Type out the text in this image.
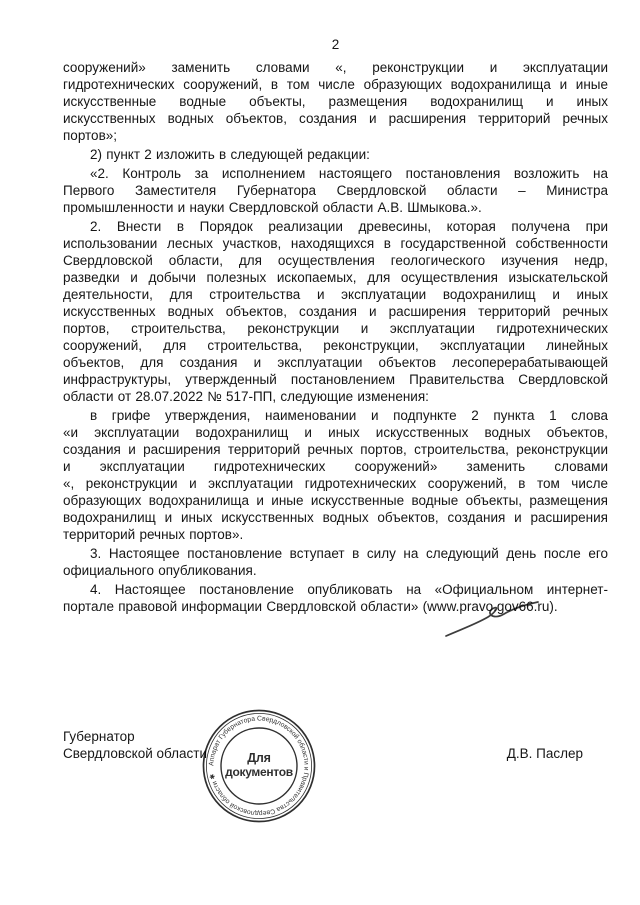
2
сооружений» заменить словами «, реконструкции и эксплуатации
гидротехнических сооружений, в том числе образующих водохранилища и иные
искусственные водные объекты, размещения водохранилищ и иных
искусственных водных объектов, создания и расширения территорий речных
портов»;
2) пункт 2 изложить в следующей редакции:
«2. Контроль за исполнением настоящего постановления возложить на
Первого Заместителя Губернатора Свердловской области – Министра
промышленности и науки Свердловской области А.В. Шмыкова.».
2. Внести в Порядок реализации древесины, которая получена при
использовании лесных участков, находящихся в государственной собственности
Свердловской области, для осуществления геологического изучения недр,
разведки и добычи полезных ископаемых, для осуществления изыскательской
деятельности, для строительства и эксплуатации водохранилищ и иных
искусственных водных объектов, создания и расширения территорий речных
портов, строительства, реконструкции и эксплуатации гидротехнических
сооружений, для строительства, реконструкции, эксплуатации линейных
объектов, для создания и эксплуатации объектов лесоперерабатывающей
инфраструктуры, утвержденный постановлением Правительства Свердловской
области от 28.07.2022 № 517-ПП, следующие изменения:
в грифе утверждения, наименовании и подпункте 2 пункта 1 слова
«и эксплуатации водохранилищ и иных искусственных водных объектов,
создания и расширения территорий речных портов, строительства, реконструкции
и эксплуатации гидротехнических сооружений» заменить словами
«, реконструкции и эксплуатации гидротехнических сооружений, в том числе
образующих водохранилища и иные искусственные водные объекты, размещения
водохранилищ и иных искусственных водных объектов, создания и расширения
территорий речных портов».
3. Настоящее постановление вступает в силу на следующий день после его
официального опубликования.
4. Настоящее постановление опубликовать на «Официальном интернет-
портале правовой информации Свердловской области» (www.pravo.gov66.ru).
Губернатор
Свердловской области	Д.В. Паслер
Аппарат Губернатора Свердловской области и Правительства Свердловской области ✱
Для
документов
